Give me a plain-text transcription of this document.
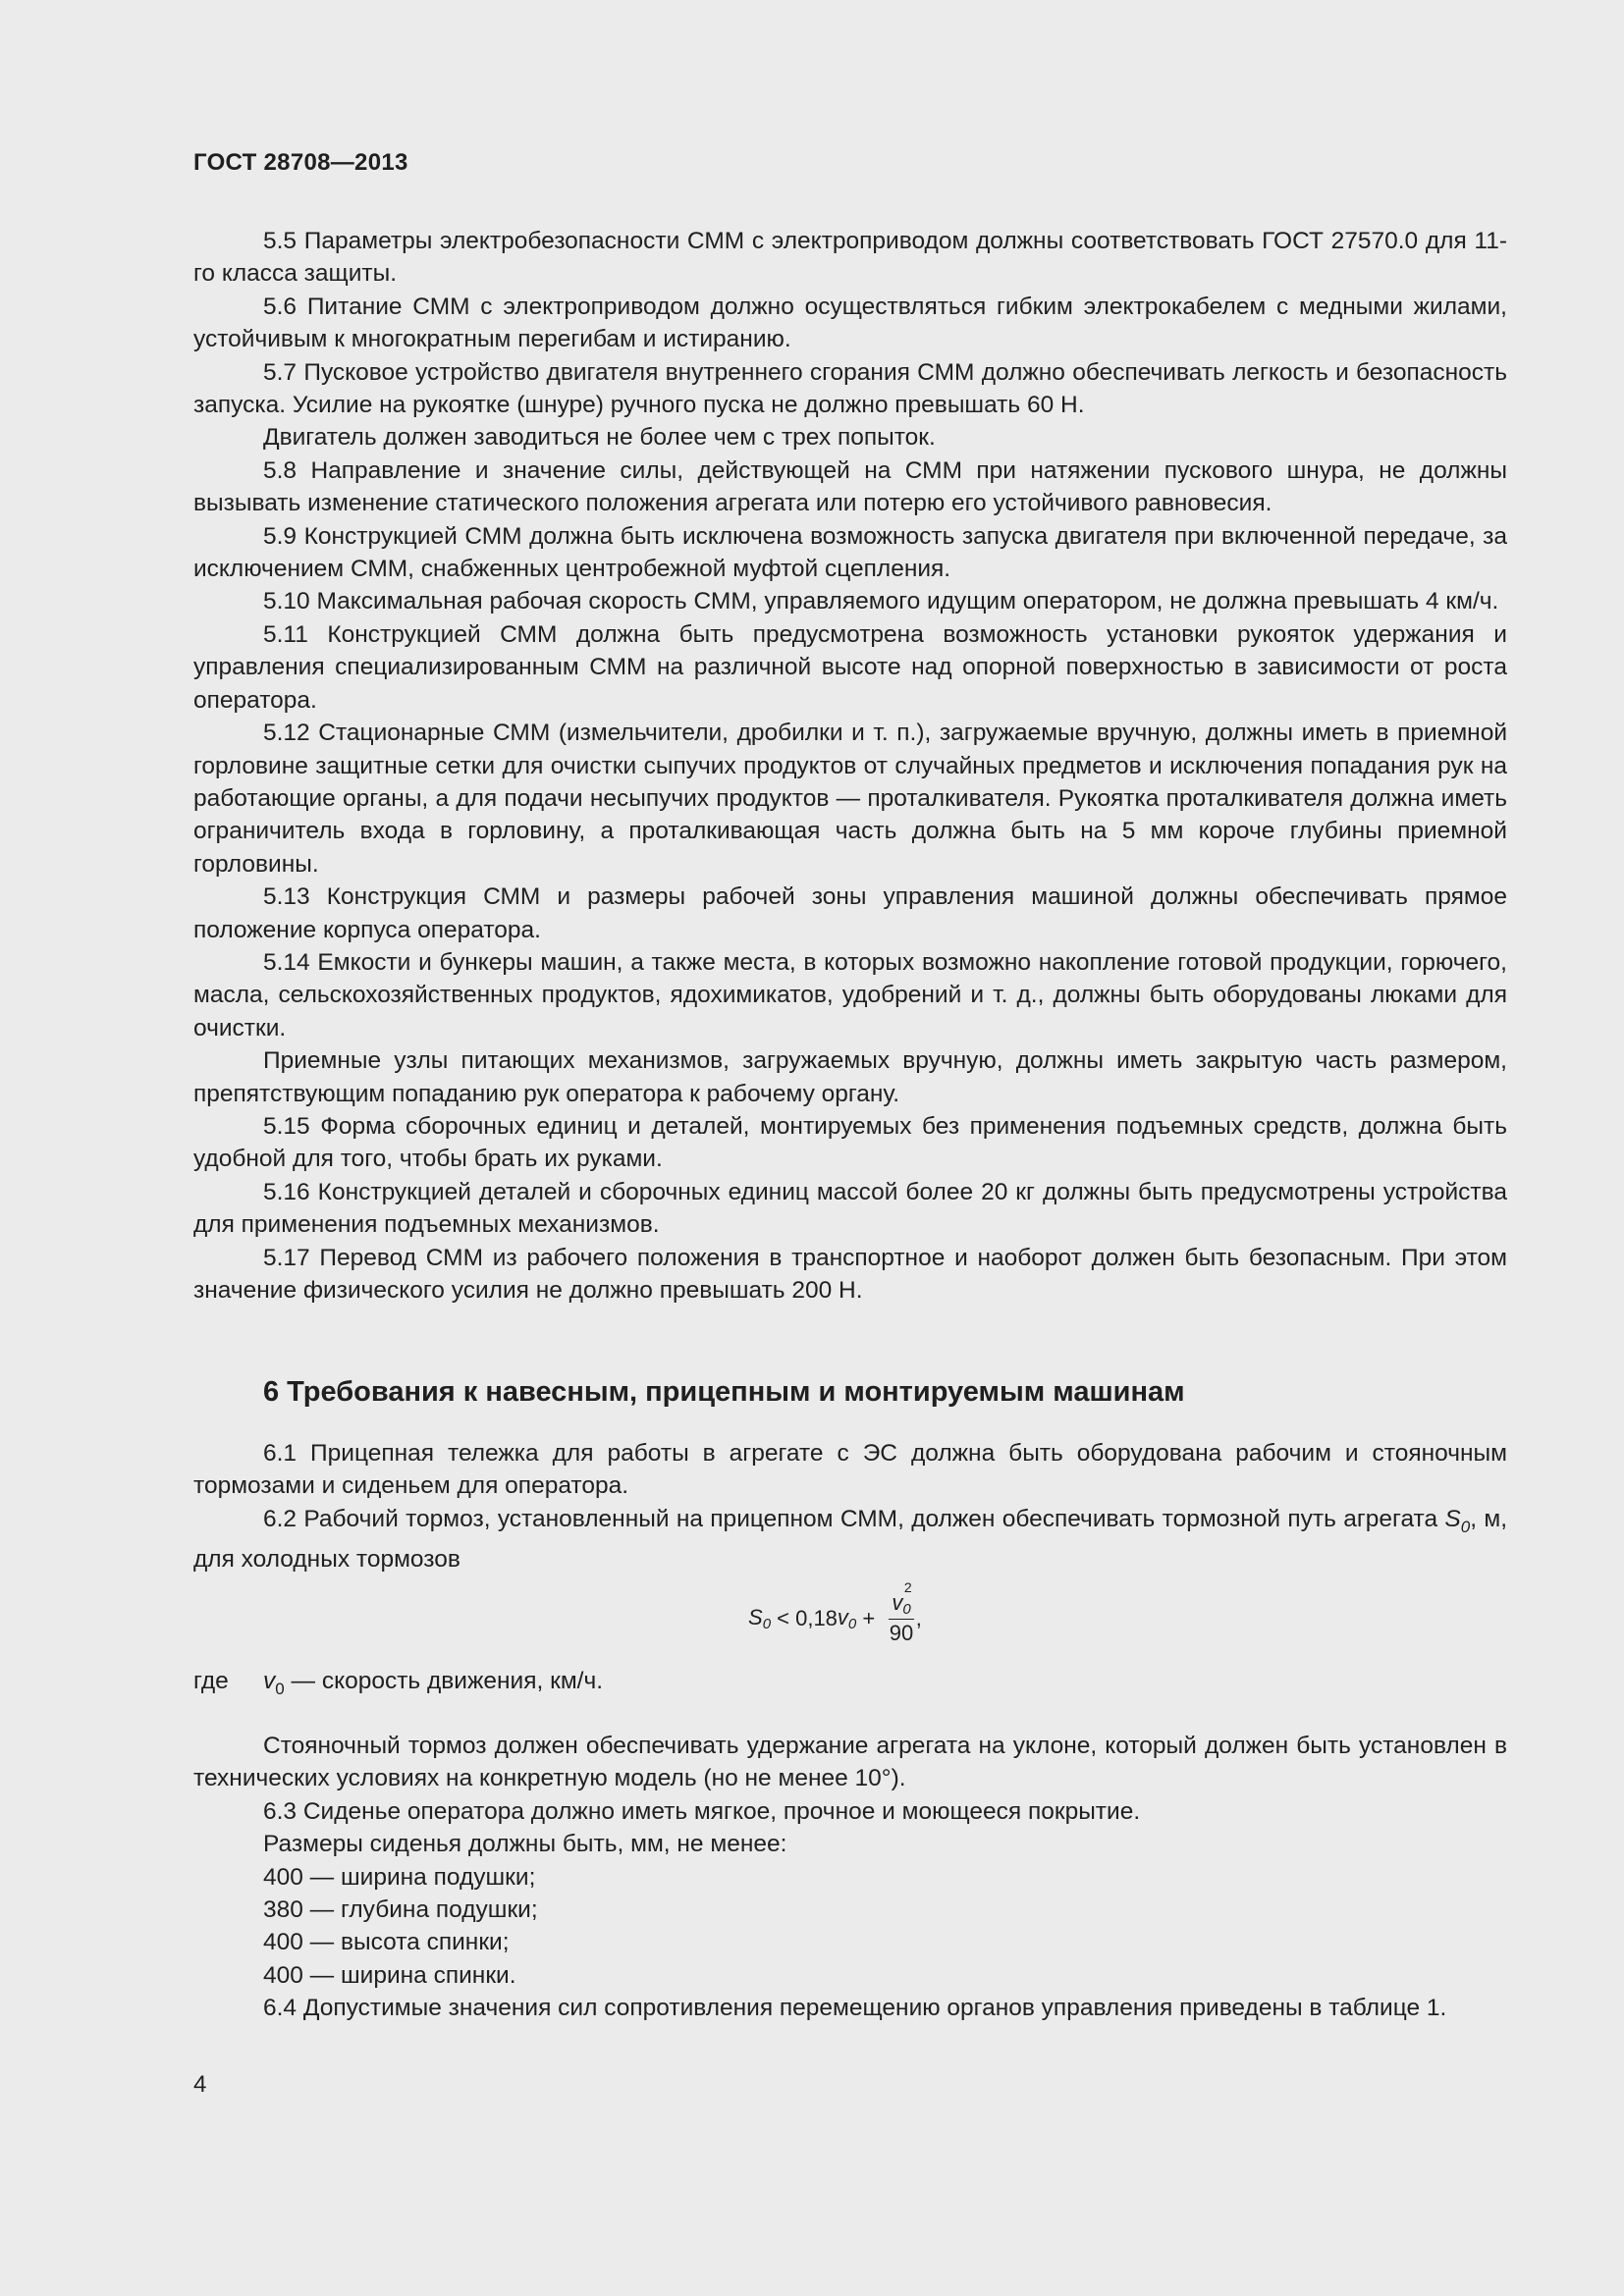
ГОСТ 28708—2013

5.5 Параметры электробезопасности СММ с электроприводом должны соответствовать ГОСТ 27570.0 для 11-го класса защиты.

5.6 Питание СММ с электроприводом должно осуществляться гибким электрокабелем с медными жилами, устойчивым к многократным перегибам и истиранию.

5.7 Пусковое устройство двигателя внутреннего сгорания СММ должно обеспечивать легкость и безопасность запуска. Усилие на рукоятке (шнуре) ручного пуска не должно превышать 60 Н.

Двигатель должен заводиться не более чем с трех попыток.

5.8 Направление и значение силы, действующей на СММ при натяжении пускового шнура, не должны вызывать изменение статического положения агрегата или потерю его устойчивого равновесия.

5.9 Конструкцией СММ должна быть исключена возможность запуска двигателя при включенной передаче, за исключением СММ, снабженных центробежной муфтой сцепления.

5.10 Максимальная рабочая скорость СММ, управляемого идущим оператором, не должна превышать 4 км/ч.

5.11 Конструкцией СММ должна быть предусмотрена возможность установки рукояток удержания и управления специализированным СММ на различной высоте над опорной поверхностью в зависимости от роста оператора.

5.12 Стационарные СММ (измельчители, дробилки и т. п.), загружаемые вручную, должны иметь в приемной горловине защитные сетки для очистки сыпучих продуктов от случайных предметов и исключения попадания рук на работающие органы, а для подачи несыпучих продуктов — проталкивателя. Рукоятка проталкивателя должна иметь ограничитель входа в горловину, а проталкивающая часть должна быть на 5 мм короче глубины приемной горловины.

5.13 Конструкция СММ и размеры рабочей зоны управления машиной должны обеспечивать прямое положение корпуса оператора.

5.14 Емкости и бункеры машин, а также места, в которых возможно накопление готовой продукции, горючего, масла, сельскохозяйственных продуктов, ядохимикатов, удобрений и т. д., должны быть оборудованы люками для очистки.

Приемные узлы питающих механизмов, загружаемых вручную, должны иметь закрытую часть размером, препятствующим попаданию рук оператора к рабочему органу.

5.15 Форма сборочных единиц и деталей, монтируемых без применения подъемных средств, должна быть удобной для того, чтобы брать их руками.

5.16 Конструкцией деталей и сборочных единиц массой более 20 кг должны быть предусмотрены устройства для применения подъемных механизмов.

5.17 Перевод СММ из рабочего положения в транспортное и наоборот должен быть безопасным. При этом значение физического усилия не должно превышать 200 Н.

6 Требования к навесным, прицепным и монтируемым машинам

6.1 Прицепная тележка для работы в агрегате с ЭС должна быть оборудована рабочим и стояночным тормозами и сиденьем для оператора.

6.2 Рабочий тормоз, установленный на прицепном СММ, должен обеспечивать тормозной путь агрегата $S_0$, м, для холодных тормозов

$S_0 < 0,18$ $v_0 + v_0$
2
90 ,
где $v_0$ — скорость движения, км/ч.

Стояночный тормоз должен обеспечивать удержание агрегата на уклоне, который должен быть установлен в технических условиях на конкретную модель (но не менее 10°).

6.3 Сиденье оператора должно иметь мягкое, прочное и моющееся покрытие.

Размеры сиденья должны быть, мм, не менее:

400 — ширина подушки;

380 — глубина подушки;

400 — высота спинки;

400 — ширина спинки.

6.4 Допустимые значения сил сопротивления перемещению органов управления приведены в таблице 1.

4
